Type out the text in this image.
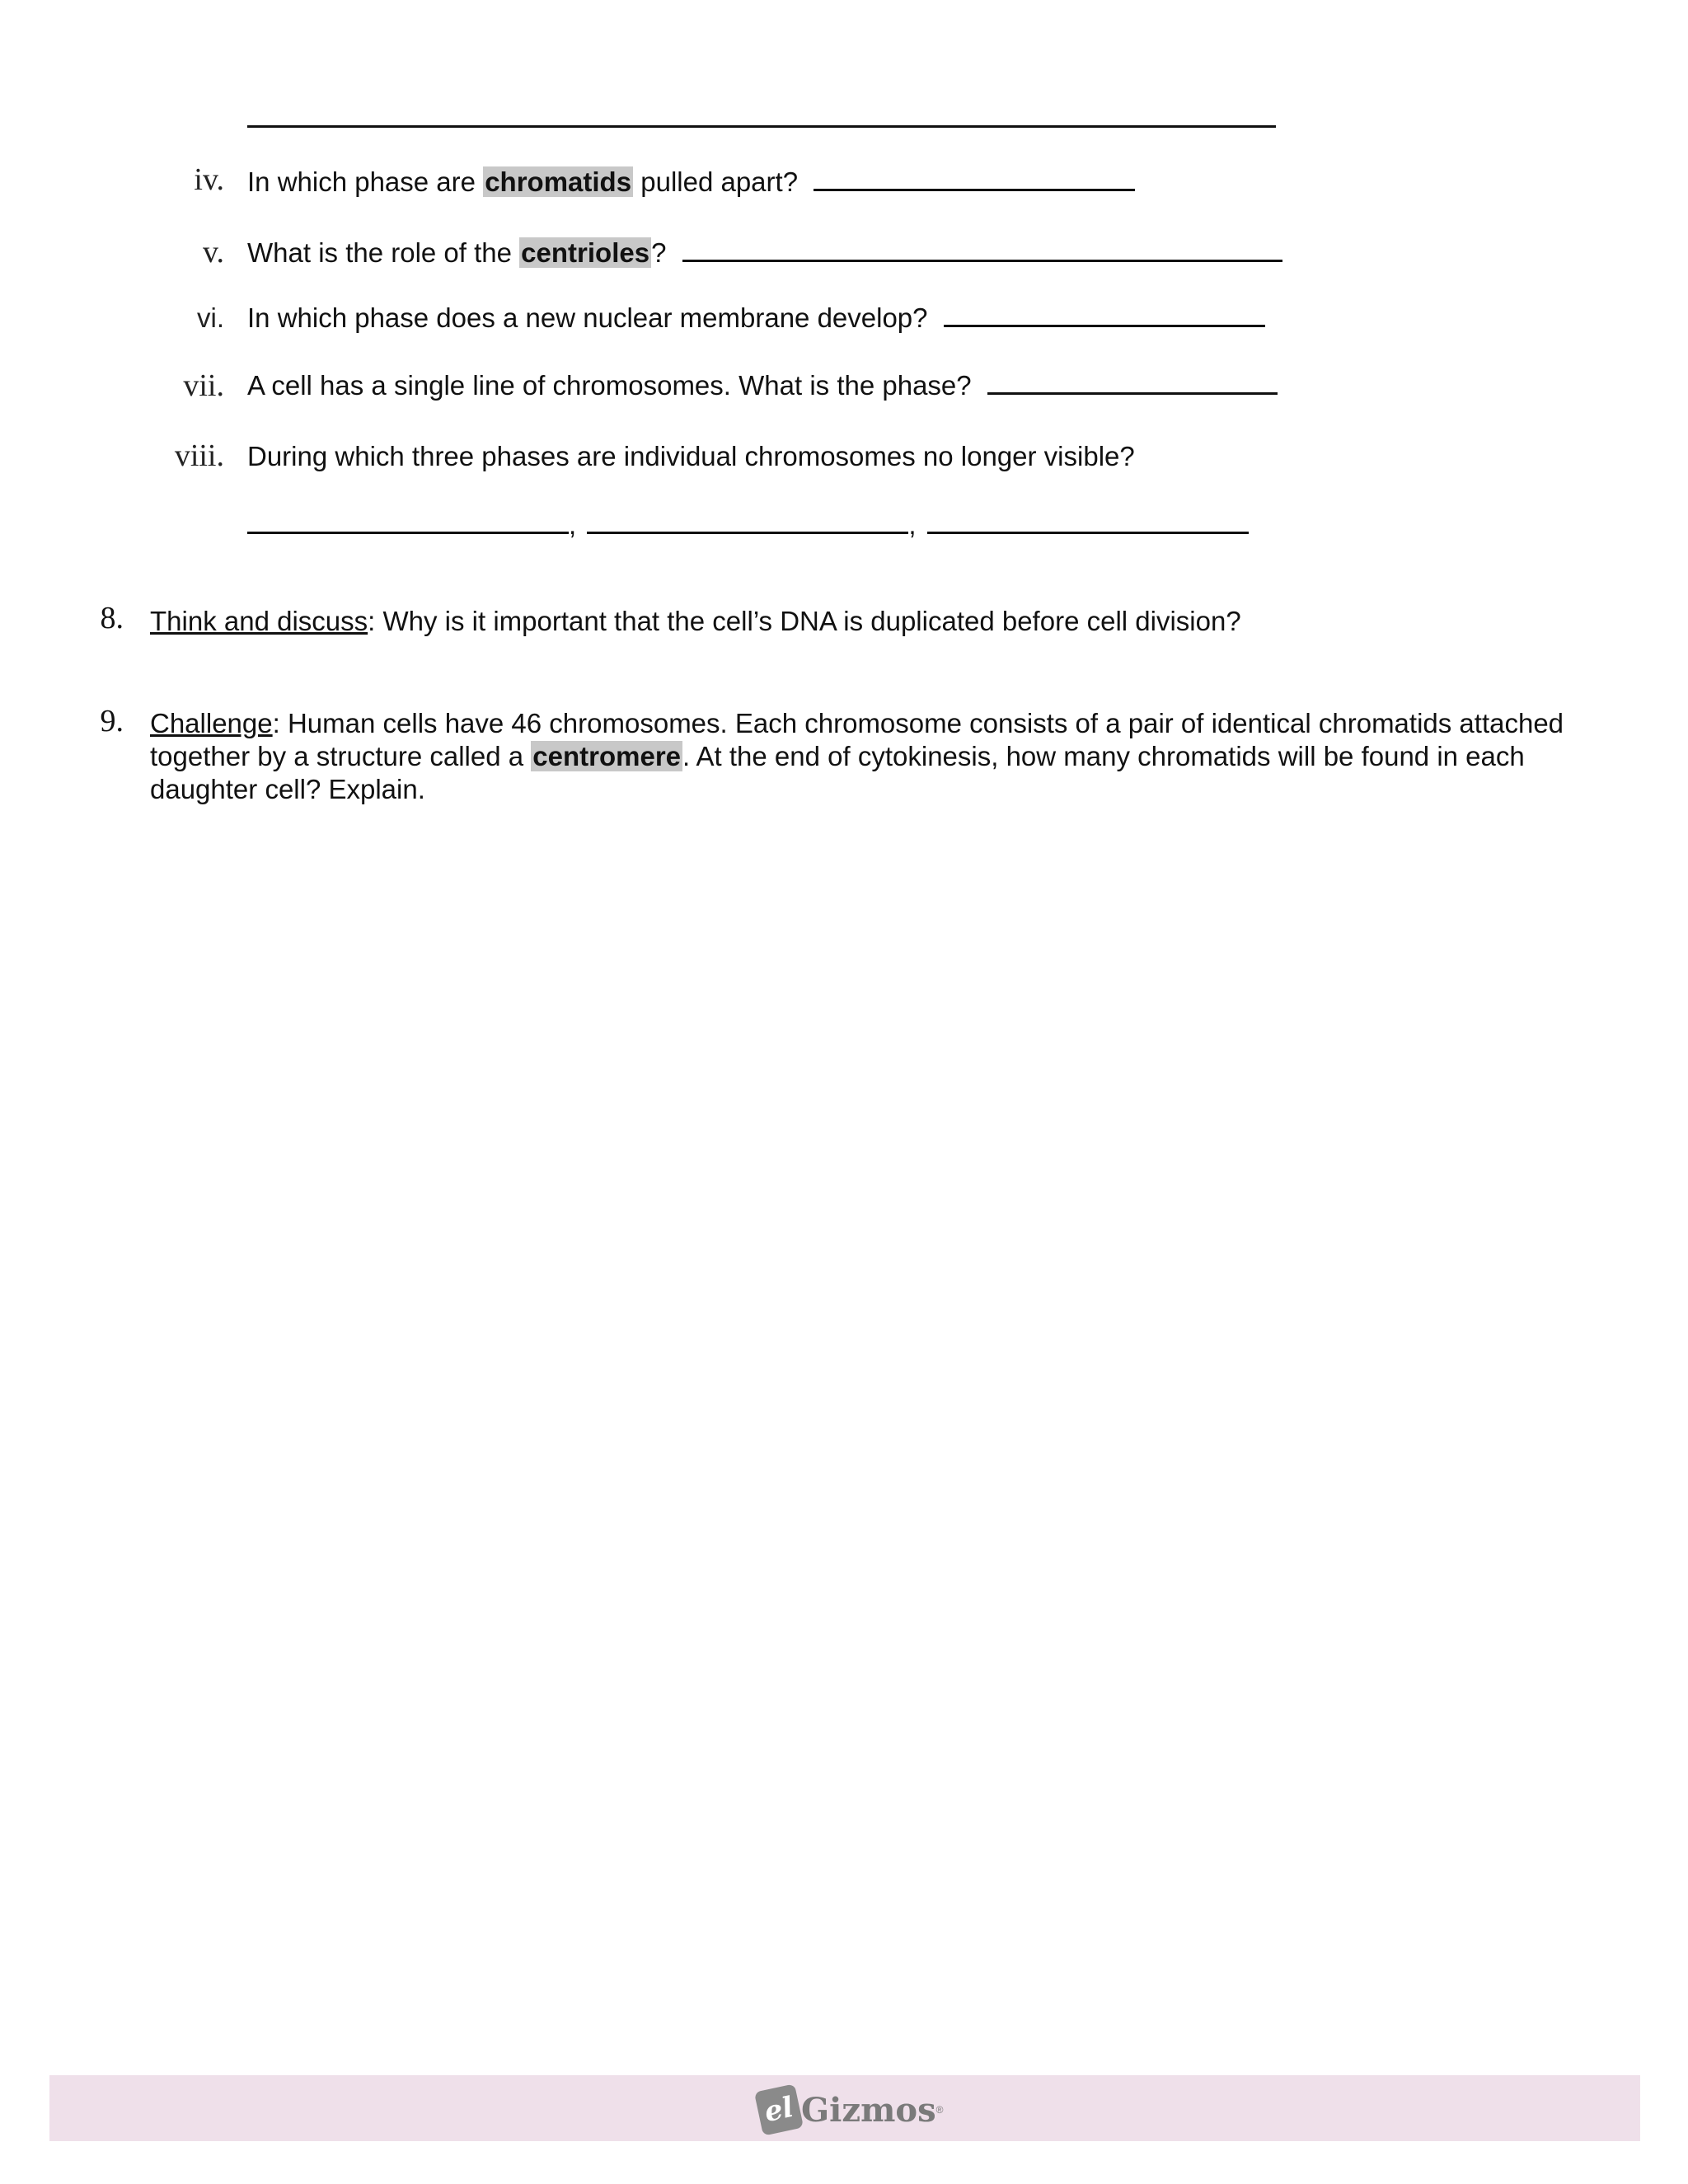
iv. In which phase are chromatids pulled apart?
v. What is the role of the centrioles?
vi. In which phase does a new nuclear membrane develop?
vii. A cell has a single line of chromosomes. What is the phase?
viii. During which three phases are individual chromosomes no longer visible?
,	,
8. Think and discuss: Why is it important that the cell’s DNA is duplicated before cell division?
9. Challenge: Human cells have 46 chromosomes. Each chromosome consists of a pair of identical chromatids attached
together by a structure called a centromere. At the end of cytokinesis, how many chromatids will be found in each
daughter cell? Explain.
el Gizmos ®
